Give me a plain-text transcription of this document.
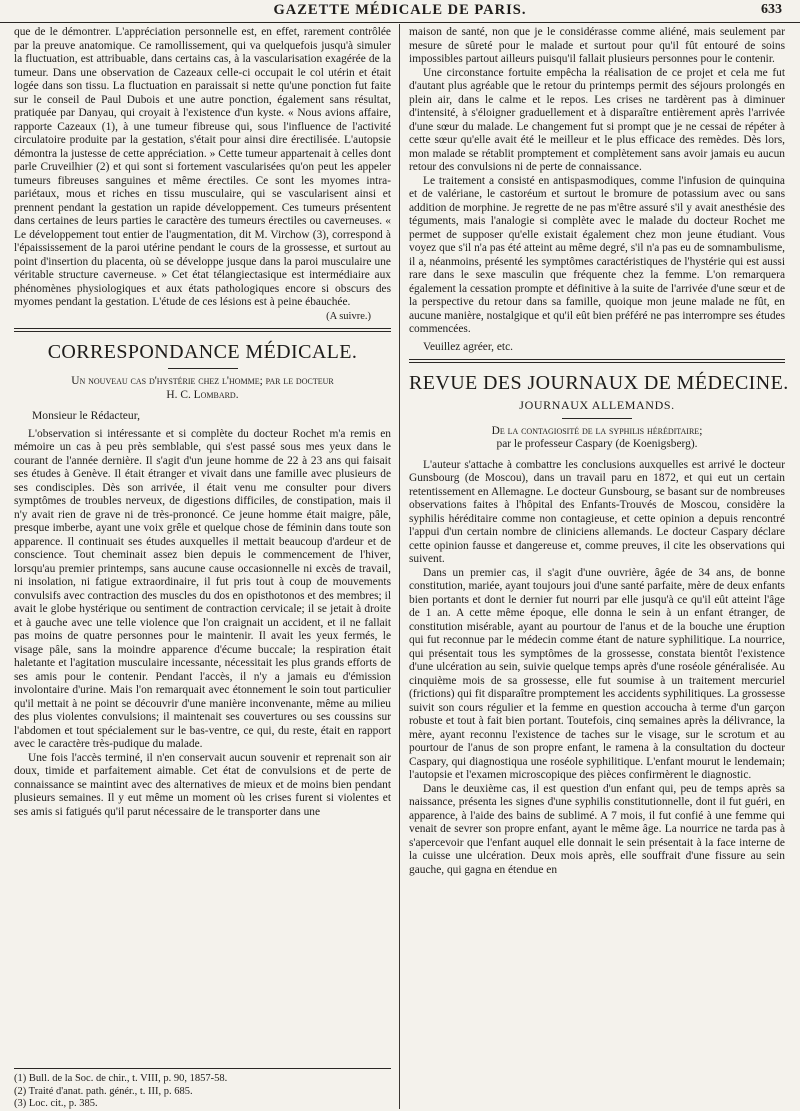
GAZETTE MÉDICALE DE PARIS.	633

que de le démontrer. L'appréciation personnelle est, en effet, rarement contrôlée par la preuve anatomique. Ce ramollissement, qui va quelquefois jusqu'à simuler la fluctuation, est attribuable, dans certains cas, à la vascularisation exagérée de la tumeur. Dans une observation de Cazeaux celle-ci occupait le col utérin et était logée dans son tissu. La fluctuation en paraissait si nette qu'une ponction fut faite sur le conseil de Paul Dubois et une autre ponction, également sans résultat, pratiquée par Danyau, qui croyait à l'existence d'un kyste. « Nous avions affaire, rapporte Cazeaux (1), à une tumeur fibreuse qui, sous l'influence de l'activité circulatoire produite par la gestation, s'était pour ainsi dire érectilisée. L'autopsie démontra la justesse de cette appréciation. » Cette tumeur appartenait à celles dont parle Cruveilhier (2) et qui sont si fortement vascularisées qu'on peut les appeler tumeurs fibreuses sanguines et même érectiles. Ce sont les myomes intra-pariétaux, mous et riches en tissu musculaire, qui se vascularisent ainsi et prennent pendant la gestation un rapide développement. Ces tumeurs présentent dans certaines de leurs parties le caractère des tumeurs érectiles ou caverneuses. « Le développement tout entier de l'augmentation, dit M. Virchow (3), correspond à l'épaississement de la paroi utérine pendant le cours de la grossesse, et surtout au point d'insertion du placenta, où se développe jusque dans la paroi musculaire une véritable structure caverneuse. » Cet état télangiectasique est intermédiaire aux phénomènes physiologiques et aux états pathologiques encore si obscurs des myomes pendant la gestation. L'étude de ces lésions est à peine ébauchée.

(A suivre.)
CORRESPONDANCE MÉDICALE.
Un nouveau cas d'hystérie chez l'homme; par le docteur
H. C. Lombard.
Monsieur le Rédacteur,

L'observation si intéressante et si complète du docteur Rochet m'a remis en mémoire un cas à peu près semblable, qui s'est passé sous mes yeux dans le courant de l'année dernière. Il s'agit d'un jeune homme de 22 à 23 ans qui faisait ses études à Genève. Il était étranger et vivait dans une famille avec plusieurs de ses condisciples. Dès son arrivée, il était venu me consulter pour divers symptômes de troubles nerveux, de digestions difficiles, de constipation, mais il n'y avait rien de grave ni de très-prononcé. Ce jeune homme était maigre, pâle, presque imberbe, ayant une voix grêle et quelque chose de féminin dans toute son apparence. Il continuait ses études auxquelles il mettait beaucoup d'ardeur et de conscience. Tout cheminait assez bien depuis le commencement de l'hiver, lorsqu'au premier printemps, sans aucune cause occasionnelle ni excès de travail, ni insolation, ni fatigue extraordinaire, il fut pris tout à coup de mouvements convulsifs avec contraction des muscles du dos en opisthotonos et des membres; il avait le globe hystérique ou sentiment de contraction cervicale; il se jetait à droite et à gauche avec une telle violence que l'on craignait un accident, et il ne fallait pas moins de quatre personnes pour le maintenir. Il avait les yeux fermés, le visage pâle, sans la moindre apparence d'écume buccale; la respiration était haletante et l'agitation musculaire incessante, nécessitait les plus grands efforts de ses amis pour le contenir. Pendant l'accès, il n'y a jamais eu d'émission involontaire d'urine. Mais l'on remarquait avec étonnement le soin tout particulier qu'il mettait à ne point se découvrir d'une manière inconvenante, même au milieu des plus violentes convulsions; il maintenait ses couvertures ou ses coussins sur l'abdomen et tout spécialement sur le bas-ventre, ce qui, du reste, était en rapport avec le caractère très-pudique du malade.

Une fois l'accès terminé, il n'en conservait aucun souvenir et reprenait son air doux, timide et parfaitement aimable. Cet état de convulsions et de perte de connaissance se maintint avec des alternatives de mieux et de moins bien pendant plusieurs semaines. Il y eut même un moment où les crises furent si violentes et ses amis si fatigués qu'il parut nécessaire de le transporter dans une

(1) Bull. de la Soc. de chir., t. VIII, p. 90, 1857-58.
(2) Traité d'anat. path. génér., t. III, p. 685.
(3) Loc. cit., p. 385.

maison de santé, non que je le considérasse comme aliéné, mais seulement par mesure de sûreté pour le malade et surtout pour qu'il fût entouré de soins impossibles partout ailleurs puisqu'il fallait plusieurs personnes pour le contenir.

Une circonstance fortuite empêcha la réalisation de ce projet et cela me fut d'autant plus agréable que le retour du printemps permit des séjours prolongés en plein air, dans le calme et le repos. Les crises ne tardèrent pas à diminuer d'intensité, à s'éloigner graduellement et à disparaître entièrement après l'arrivée d'une sœur du malade. Le changement fut si prompt que je ne cessai de répéter à cette sœur qu'elle avait été le meilleur et le plus efficace des remèdes. Dès lors, mon malade se rétablit promptement et complètement sans avoir jamais eu aucun retour des convulsions ni de perte de connaissance.

Le traitement a consisté en antispasmodiques, comme l'infusion de quinquina et de valériane, le castoréum et surtout le bromure de potassium avec ou sans addition de morphine. Je regrette de ne pas m'être assuré s'il y avait anesthésie des téguments, mais l'analogie si complète avec le malade du docteur Rochet me permet de supposer qu'elle existait également chez mon jeune étudiant. Vous voyez que s'il n'a pas été atteint au même degré, s'il n'a pas eu de somnambulisme, il a, néanmoins, présenté les symptômes caractéristiques de l'hystérie qui est aussi rare dans le sexe masculin que fréquente chez la femme. L'on remarquera également la cessation prompte et définitive à la suite de l'arrivée d'une sœur et de la perspective du retour dans sa famille, quoique mon jeune malade ne fût, en aucune manière, nostalgique et qu'il eût bien préféré ne pas interrompre ses études commencées.

Veuillez agréer, etc.
REVUE DES JOURNAUX DE MÉDECINE.
JOURNAUX ALLEMANDS.
De la contagiosité de la syphilis héréditaire;
par le professeur Caspary (de Koenigsberg).

L'auteur s'attache à combattre les conclusions auxquelles est arrivé le docteur Gunsbourg (de Moscou), dans un travail paru en 1872, et qui eut un certain retentissement en Allemagne. Le docteur Gunsbourg, se basant sur de nombreuses observations faites à l'hôpital des Enfants-Trouvés de Moscou, considère la syphilis héréditaire comme non contagieuse, et cette opinion a depuis rencontré l'appui d'un certain nombre de cliniciens allemands. Le docteur Caspary déclare cette opinion fausse et dangereuse et, comme preuves, il cite les observations qui suivent.

Dans un premier cas, il s'agit d'une ouvrière, âgée de 34 ans, de bonne constitution, mariée, ayant toujours joui d'une santé parfaite, mère de deux enfants bien portants et dont le dernier fut nourri par elle jusqu'à ce qu'il eût atteint l'âge de 1 an. A cette même époque, elle donna le sein à un enfant étranger, de constitution misérable, ayant au pourtour de l'anus et de la bouche une éruption qui fut reconnue par le médecin comme étant de nature syphilitique. La nourrice, qui présentait tous les symptômes de la grossesse, constata bientôt l'existence d'une ulcération au sein, suivie quelque temps après d'une roséole généralisée. Au cinquième mois de sa grossesse, elle fut soumise à un traitement mercuriel (frictions) qui fit disparaître promptement les accidents syphilitiques. La grossesse suivit son cours régulier et la femme en question accoucha à terme d'un garçon robuste et tout à fait bien portant. Toutefois, cinq semaines après la délivrance, la mère, ayant reconnu l'existence de taches sur le visage, sur le scrotum et au pourtour de l'anus de son propre enfant, le ramena à la consultation du docteur Caspary, qui diagnostiqua une roséole syphilitique. L'enfant mourut le lendemain; l'autopsie et l'examen microscopique des pièces confirmèrent le diagnostic.

Dans le deuxième cas, il est question d'un enfant qui, peu de temps après sa naissance, présenta les signes d'une syphilis constitutionnelle, dont il fut guéri, en apparence, à l'aide des bains de sublimé. A 7 mois, il fut confié à une femme qui venait de sevrer son propre enfant, ayant le même âge. La nourrice ne tarda pas à s'apercevoir que l'enfant auquel elle donnait le sein présentait à la face interne de la cuisse une ulcération. Deux mois après, elle souffrait d'une fissure au sein gauche, qui gagna en étendue en
